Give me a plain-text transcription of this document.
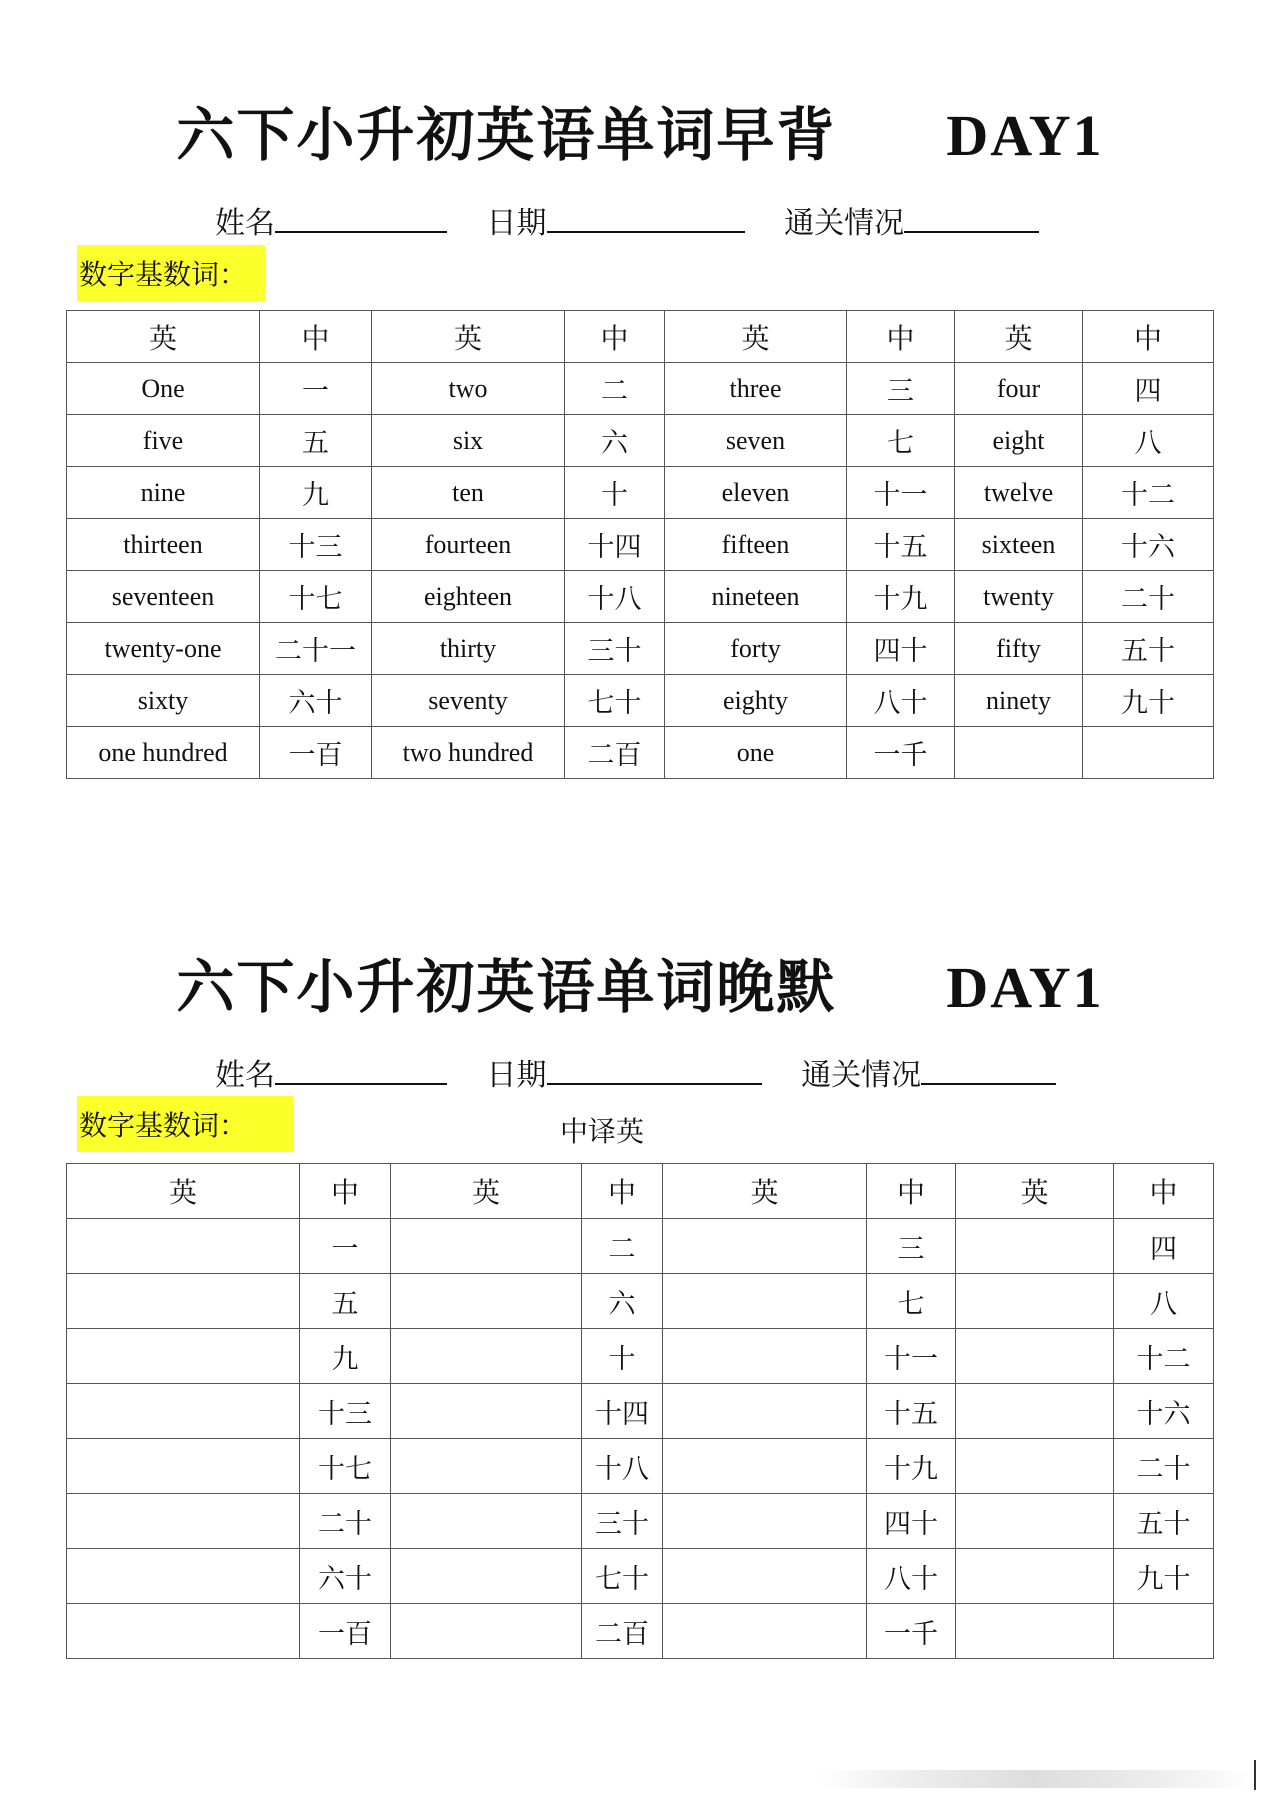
六下小升初英语单词早背 DAY1
姓名	日期	通关情况
数字基数词：
英	中	英	中	英	中	英	中
One	一	two	二	three	三	four	四
five	五	six	六	seven	七	eight	八
nine	九	ten	十	eleven	十一	twelve	十二
thirteen	十三	fourteen	十四	fifteen	十五	sixteen	十六
seventeen	十七	eighteen	十八	nineteen	十九	twenty	二十
twenty-one	二十一	thirty	三十	forty	四十	fifty	五十
sixty	六十	seventy	七十	eighty	八十	ninety	九十
one hundred	一百	two hundred	二百	one	一千		
六下小升初英语单词晚默 DAY1
姓名	日期	通关情况
数字基数词：	中译英
英	中	英	中	英	中	英	中
	一		二		三		四
	五		六		七		八
	九		十		十一		十二
	十三		十四		十五		十六
	十七		十八		十九		二十
	二十		三十		四十		五十
	六十		七十		八十		九十
	一百		二百		一千		
